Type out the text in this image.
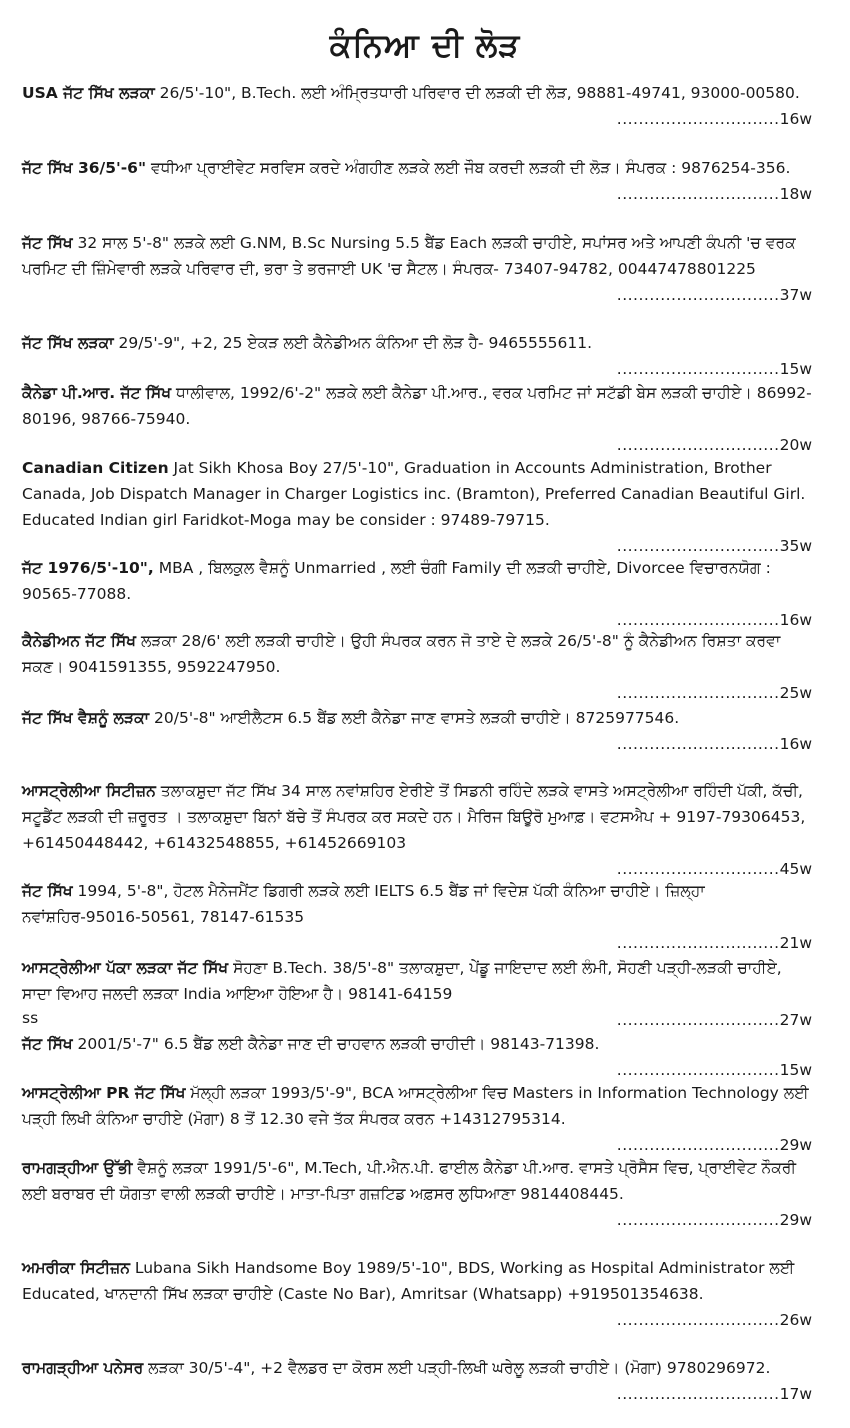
ਕੰਨਿਆ ਦੀ ਲੋੜ
USA ਜੱਟ ਸਿੱਖ ਲੜਕਾ 26/5'-10", B.Tech. ਲਈ ਅੰਮ੍ਰਿਤਧਾਰੀ ਪਰਿਵਾਰ ਦੀ ਲੜਕੀ ਦੀ ਲੋੜ, 98881-49741, 93000-00580.
..............................16w
ਜੱਟ ਸਿੱਖ 36/5'-6" ਵਧੀਆ ਪ੍ਰਾਈਵੇਟ ਸਰਵਿਸ ਕਰਦੇ ਅੰਗਹੀਣ ਲੜਕੇ ਲਈ ਜੌਬ ਕਰਦੀ ਲੜਕੀ ਦੀ ਲੋੜ। ਸੰਪਰਕ : 9876254-356.
..............................18w
ਜੱਟ ਸਿੱਖ 32 ਸਾਲ 5'-8" ਲੜਕੇ ਲਈ G.NM, B.Sc Nursing 5.5 ਬੈਂਡ Each ਲੜਕੀ ਚਾਹੀਏ, ਸਪਾਂਸਰ ਅਤੇ ਆਪਣੀ ਕੰਪਨੀ 'ਚ ਵਰਕ ਪਰਮਿਟ ਦੀ ਜ਼ਿੰਮੇਵਾਰੀ ਲੜਕੇ ਪਰਿਵਾਰ ਦੀ, ਭਰਾ ਤੇ ਭਰਜਾਈ UK 'ਚ ਸੈਟਲ। ਸੰਪਰਕ- 73407-94782, 00447478801225
..............................37w
ਜੱਟ ਸਿੱਖ ਲੜਕਾ 29/5'-9", +2, 25 ਏਕੜ ਲਈ ਕੈਨੇਡੀਅਨ ਕੰਨਿਆ ਦੀ ਲੋੜ ਹੈ- 9465555611.
..............................15w
ਕੈਨੇਡਾ ਪੀ.ਆਰ. ਜੱਟ ਸਿੱਖ ਧਾਲੀਵਾਲ, 1992/6'-2" ਲੜਕੇ ਲਈ ਕੈਨੇਡਾ ਪੀ.ਆਰ., ਵਰਕ ਪਰਮਿਟ ਜਾਂ ਸਟੱਡੀ ਬੇਸ ਲੜਕੀ ਚਾਹੀਏ। 86992-80196, 98766-75940.
..............................20w
Canadian Citizen Jat Sikh Khosa Boy 27/5'-10", Graduation in Accounts Administration, Brother Canada, Job Dispatch Manager in Charger Logistics inc. (Bramton), Preferred Canadian Beautiful Girl. Educated Indian girl Faridkot-Moga may be consider : 97489-79715.
..............................35w
ਜੱਟ 1976/5'-10", MBA , ਬਿਲਕੁਲ ਵੈਸ਼ਨੂੰ Unmarried , ਲਈ ਚੰਗੀ Family ਦੀ ਲੜਕੀ ਚਾਹੀਏ, Divorcee ਵਿਚਾਰਨਯੋਗ : 90565-77088.
..............................16w
ਕੈਨੇਡੀਅਨ ਜੱਟ ਸਿੱਖ ਲੜਕਾ 28/6' ਲਈ ਲੜਕੀ ਚਾਹੀਏ। ਉਹੀ ਸੰਪਰਕ ਕਰਨ ਜੋ ਤਾਏ ਦੇ ਲੜਕੇ 26/5'-8" ਨੂੰ ਕੈਨੇਡੀਅਨ ਰਿਸ਼ਤਾ ਕਰਵਾ ਸਕਣ। 9041591355, 9592247950.
..............................25w
ਜੱਟ ਸਿੱਖ ਵੈਸ਼ਨੂੰ ਲੜਕਾ 20/5'-8" ਆਈਲੈਟਸ 6.5 ਬੈਂਡ ਲਈ ਕੈਨੇਡਾ ਜਾਣ ਵਾਸਤੇ ਲੜਕੀ ਚਾਹੀਏ। 8725977546.
..............................16w
ਆਸਟ੍ਰੇਲੀਆ ਸਿਟੀਜ਼ਨ ਤਲਾਕਸ਼ੁਦਾ ਜੱਟ ਸਿੱਖ 34 ਸਾਲ ਨਵਾਂਸ਼ਹਿਰ ਏਰੀਏ ਤੋਂ ਸਿਡਨੀ ਰਹਿੰਦੇ ਲੜਕੇ ਵਾਸਤੇ ਅਸਟ੍ਰੇਲੀਆ ਰਹਿੰਦੀ ਪੱਕੀ, ਕੱਚੀ, ਸਟੂਡੈਂਟ ਲੜਕੀ ਦੀ ਜ਼ਰੂਰਤ । ਤਲਾਕਸ਼ੁਦਾ ਬਿਨਾਂ ਬੱਚੇ ਤੋਂ ਸੰਪਰਕ ਕਰ ਸਕਦੇ ਹਨ। ਮੈਰਿਜ ਬਿਊਰੋ ਮੁਆਫ਼। ਵਟਸਐਪ + 9197-79306453, +61450448442, +61432548855, +61452669103
..............................45w
ਜੱਟ ਸਿੱਖ 1994, 5'-8", ਹੋਟਲ ਮੈਨੇਜਮੈਂਟ ਡਿਗਰੀ ਲੜਕੇ ਲਈ IELTS 6.5 ਬੈਂਡ ਜਾਂ ਵਿਦੇਸ਼ ਪੱਕੀ ਕੰਨਿਆ ਚਾਹੀਏ। ਜ਼ਿਲ੍ਹਾ ਨਵਾਂਸ਼ਹਿਰ-95016-50561, 78147-61535
..............................21w
ਆਸਟ੍ਰੇਲੀਆ ਪੱਕਾ ਲੜਕਾ ਜੱਟ ਸਿੱਖ ਸੋਹਣਾ B.Tech. 38/5'-8" ਤਲਾਕਸ਼ੁਦਾ, ਪੇਂਡੂ ਜਾਇਦਾਦ ਲਈ ਲੰਮੀ, ਸੋਹਣੀ ਪੜ੍ਹੀ-ਲੜਕੀ ਚਾਹੀਏ, ਸਾਦਾ ਵਿਆਹ ਜਲਦੀ ਲੜਕਾ India ਆਇਆ ਹੋਇਆ ਹੈ। 98141-64159
..............................27w
ss
ਜੱਟ ਸਿੱਖ 2001/5'-7" 6.5 ਬੈਂਡ ਲਈ ਕੈਨੇਡਾ ਜਾਣ ਦੀ ਚਾਹਵਾਨ ਲੜਕੀ ਚਾਹੀਦੀ। 98143-71398.
..............................15w
ਆਸਟ੍ਰੇਲੀਆ PR ਜੱਟ ਸਿੱਖ ਮੱਲ੍ਹੀ ਲੜਕਾ 1993/5'-9", BCA ਆਸਟ੍ਰੇਲੀਆ ਵਿਚ Masters in Information Technology ਲਈ ਪੜ੍ਹੀ ਲਿਖੀ ਕੰਨਿਆ ਚਾਹੀਏ (ਮੋਗਾ) 8 ਤੋਂ 12.30 ਵਜੇ ਤੱਕ ਸੰਪਰਕ ਕਰਨ +14312795314.
..............................29w
ਰਾਮਗੜ੍ਹੀਆ ਉੱਭੀ ਵੈਸ਼ਨੂੰ ਲੜਕਾ 1991/5'-6", M.Tech, ਪੀ.ਐਨ.ਪੀ. ਫਾਈਲ ਕੈਨੇਡਾ ਪੀ.ਆਰ. ਵਾਸਤੇ ਪ੍ਰੋਸੈਸ ਵਿਚ, ਪ੍ਰਾਈਵੇਟ ਨੌਕਰੀ ਲਈ ਬਰਾਬਰ ਦੀ ਯੋਗਤਾ ਵਾਲੀ ਲੜਕੀ ਚਾਹੀਏ। ਮਾਤਾ-ਪਿਤਾ ਗਜ਼ਟਿਡ ਅਫ਼ਸਰ ਲੁਧਿਆਣਾ 9814408445.
..............................29w
ਅਮਰੀਕਾ ਸਿਟੀਜ਼ਨ Lubana Sikh Handsome Boy 1989/5'-10", BDS, Working as Hospital Administrator ਲਈ Educated, ਖਾਨਦਾਨੀ ਸਿੱਖ ਲੜਕਾ ਚਾਹੀਏ (Caste No Bar), Amritsar (Whatsapp) +919501354638.
..............................26w
ਰਾਮਗੜ੍ਹੀਆ ਪਨੇਸਰ ਲੜਕਾ 30/5'-4", +2 ਵੈਲਡਰ ਦਾ ਕੋਰਸ ਲਈ ਪੜ੍ਹੀ-ਲਿਖੀ ਘਰੇਲੂ ਲੜਕੀ ਚਾਹੀਏ। (ਮੋਗਾ) 9780296972.
..............................17w
